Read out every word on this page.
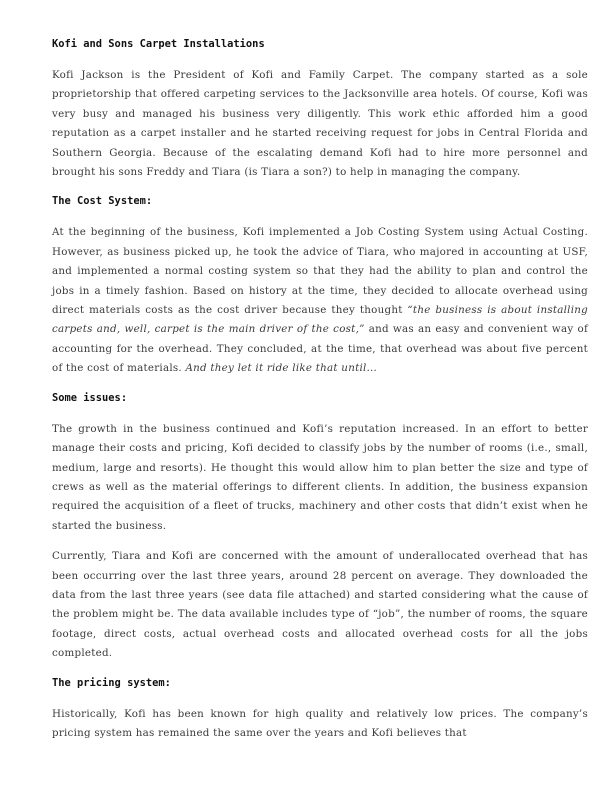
Kofi and Sons Carpet Installations

Kofi Jackson is the President of Kofi and Family Carpet. The company started as a sole proprietorship that offered carpeting services to the Jacksonville area hotels. Of course, Kofi was very busy and managed his business very diligently. This work ethic afforded him a good reputation as a carpet installer and he started receiving request for jobs in Central Florida and Southern Georgia. Because of the escalating demand Kofi had to hire more personnel and brought his sons Freddy and Tiara (is Tiara a son?) to help in managing the company.

The Cost System:

At the beginning of the business, Kofi implemented a Job Costing System using Actual Costing. However, as business picked up, he took the advice of Tiara, who majored in accounting at USF, and implemented a normal costing system so that they had the ability to plan and control the jobs in a timely fashion. Based on history at the time, they decided to allocate overhead using direct materials costs as the cost driver because they thought “the business is about installing carpets and, well, carpet is the main driver of the cost,” and was an easy and convenient way of accounting for the overhead. They concluded, at the time, that overhead was about five percent of the cost of materials. And they let it ride like that until…

Some issues:

The growth in the business continued and Kofi’s reputation increased. In an effort to better manage their costs and pricing, Kofi decided to classify jobs by the number of rooms (i.e., small, medium, large and resorts). He thought this would allow him to plan better the size and type of crews as well as the material offerings to different clients. In addition, the business expansion required the acquisition of a fleet of trucks, machinery and other costs that didn’t exist when he started the business.

Currently, Tiara and Kofi are concerned with the amount of underallocated overhead that has been occurring over the last three years, around 28 percent on average. They downloaded the data from the last three years (see data file attached) and started considering what the cause of the problem might be. The data available includes type of “job”, the number of rooms, the square footage, direct costs, actual overhead costs and allocated overhead costs for all the jobs completed.

The pricing system:

Historically, Kofi has been known for high quality and relatively low prices. The company’s pricing system has remained the same over the years and Kofi believes that
